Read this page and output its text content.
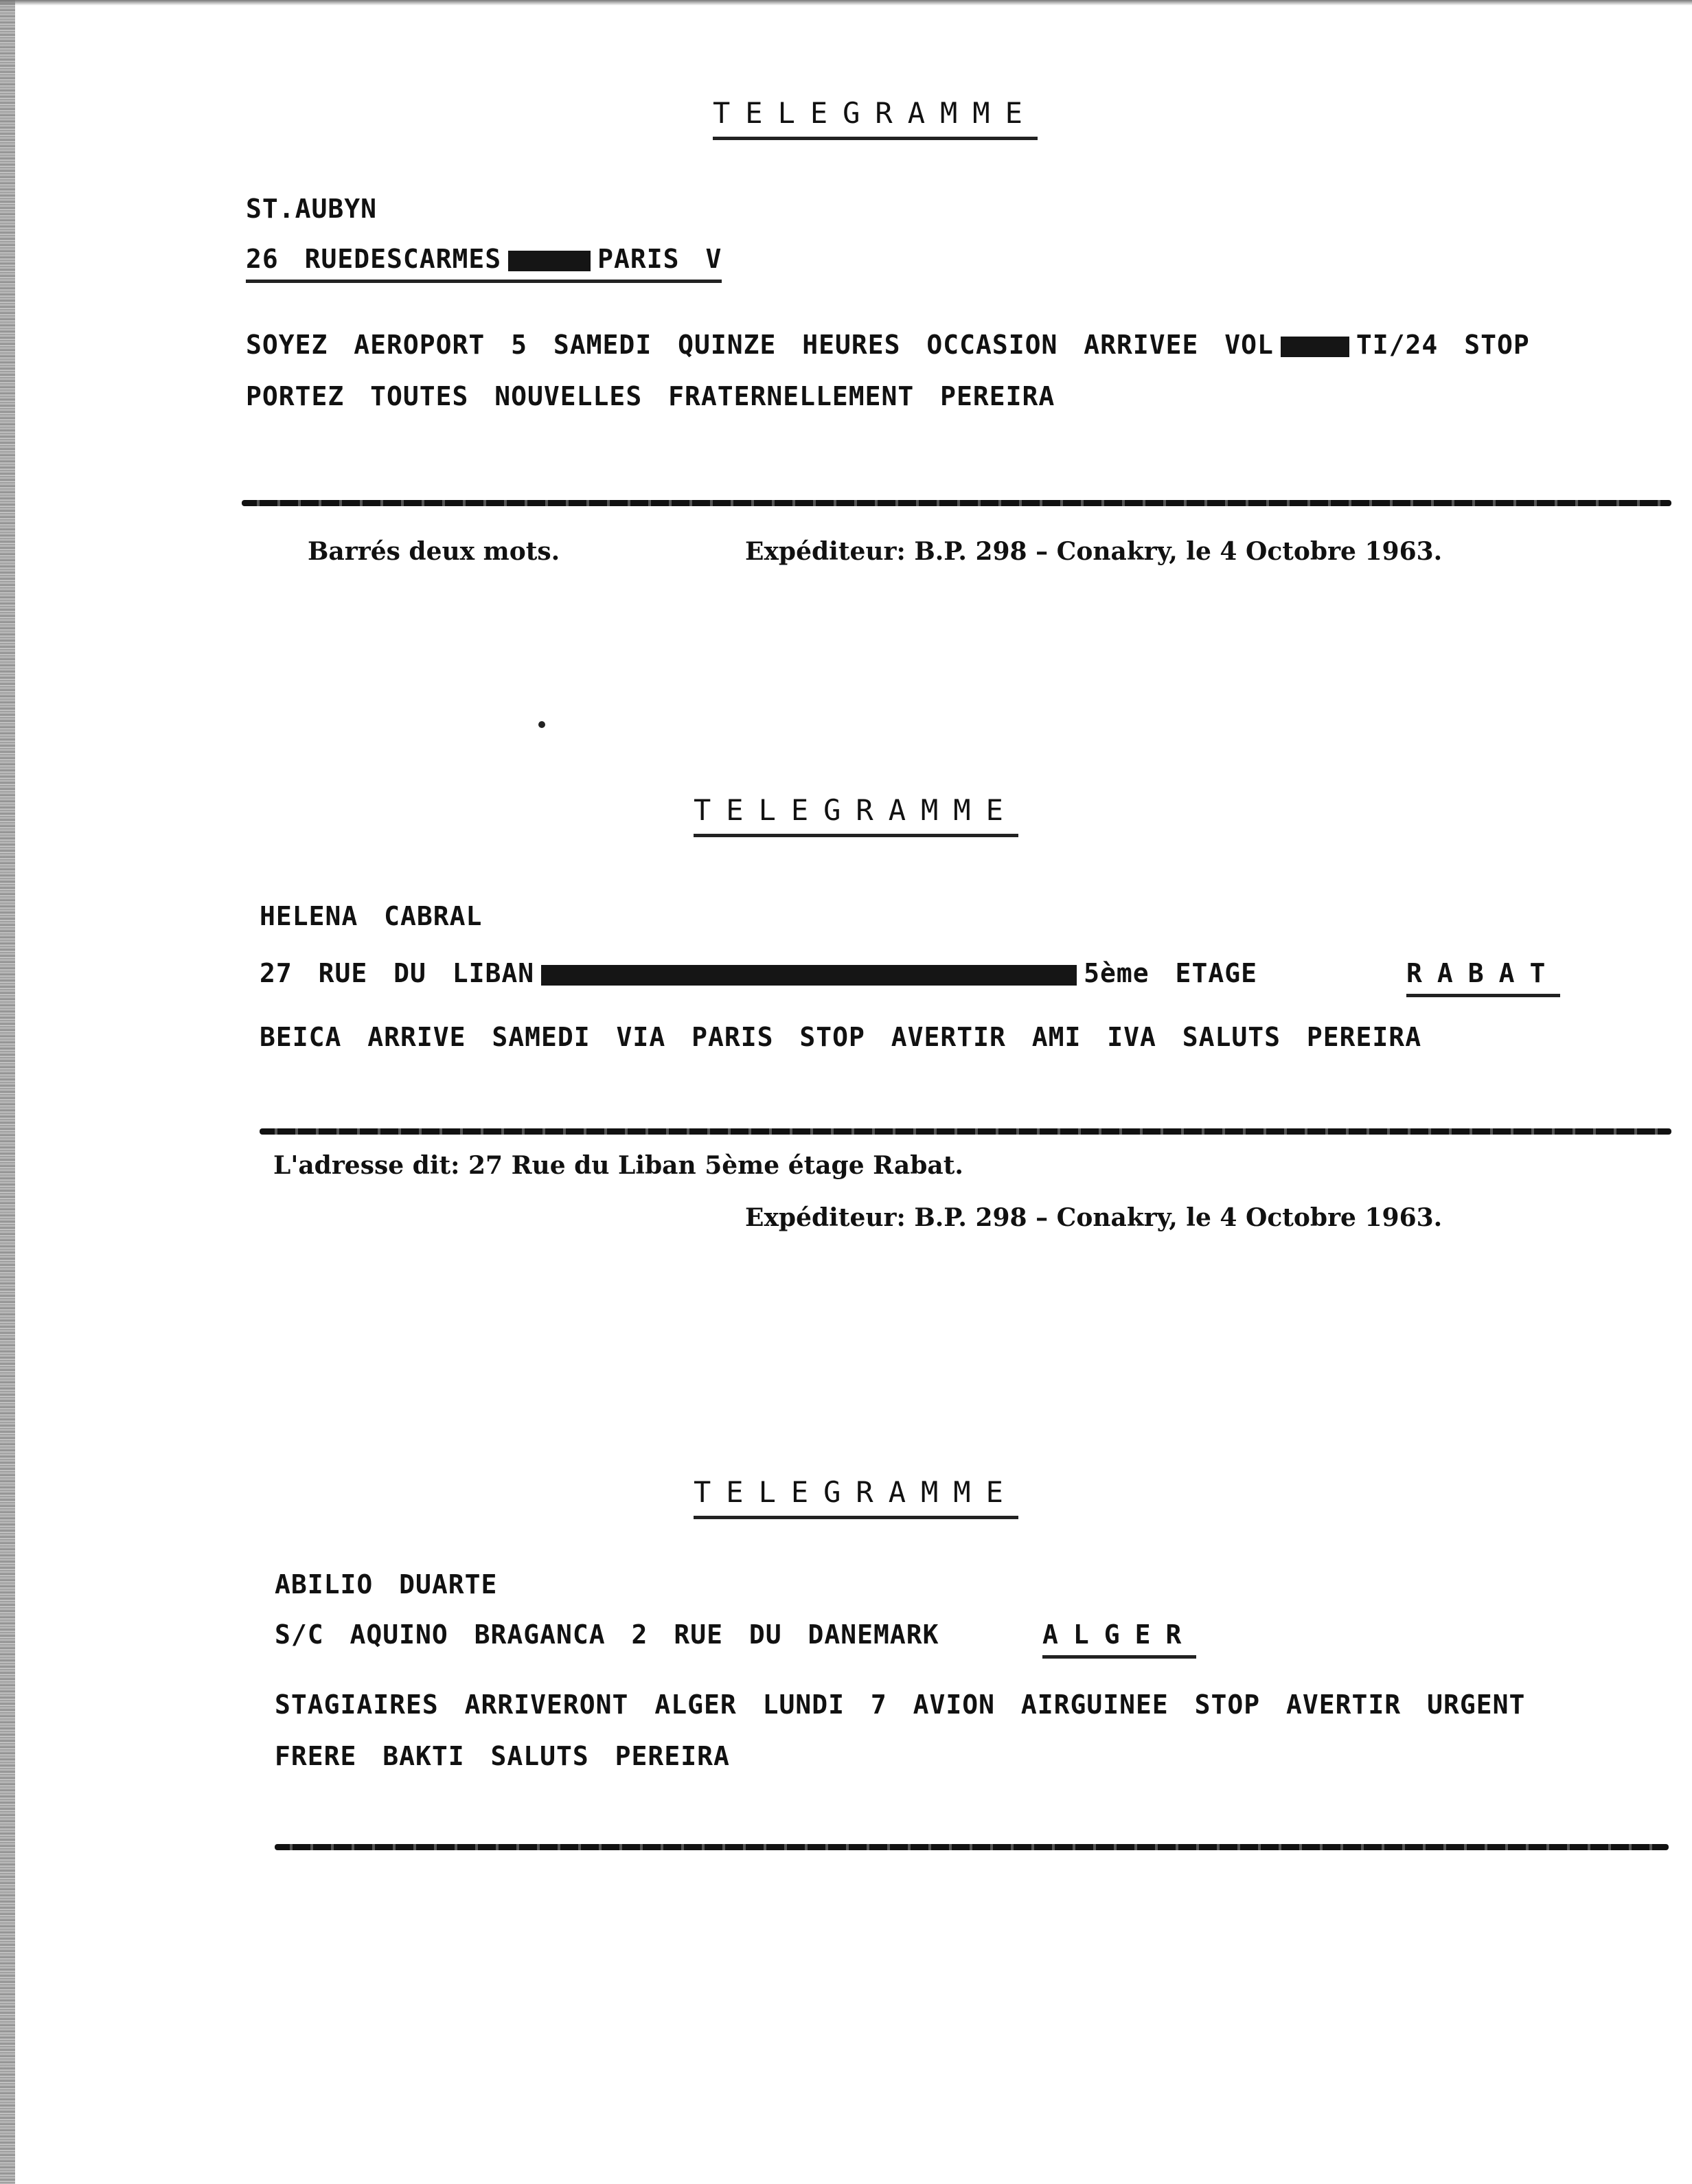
TELEGRAMME
ST.AUBYN
26 RUEDESCARMES	PARIS V
SOYEZ AEROPORT 5 SAMEDI QUINZE HEURES OCCASION ARRIVEE VOL	TI/24 STOP
PORTEZ TOUTES NOUVELLES FRATERNELLEMENT PEREIRA
Barrés deux mots.	Expéditeur: B.P. 298 – Conakry, le 4 Octobre 1963.
TELEGRAMME
HELENA CABRAL
27 RUE DU LIBAN	5ème ETAGE	RABAT
BEICA ARRIVE SAMEDI VIA PARIS STOP AVERTIR AMI IVA SALUTS PEREIRA
L'adresse dit: 27 Rue du Liban 5ème étage Rabat.
Expéditeur: B.P. 298 – Conakry, le 4 Octobre 1963.
TELEGRAMME
ABILIO DUARTE
S/C AQUINO BRAGANCA 2 RUE DU DANEMARK	ALGER
STAGIAIRES ARRIVERONT ALGER LUNDI 7 AVION AIRGUINEE STOP AVERTIR URGENT
FRERE BAKTI SALUTS PEREIRA
